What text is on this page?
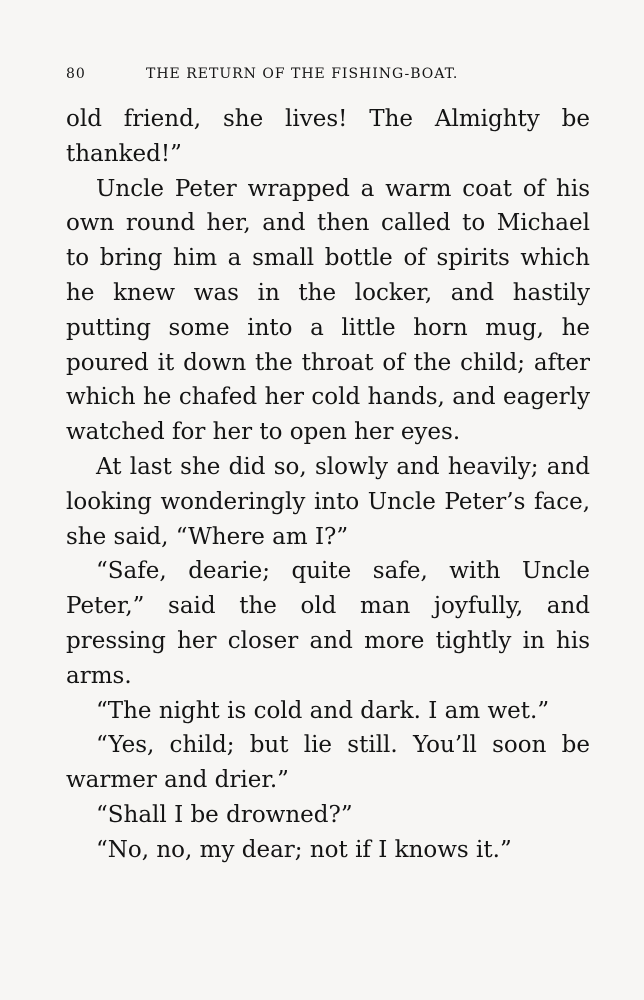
80	THE RETURN OF THE FISHING-BOAT.

old friend, she lives! The Almighty be thanked!”

Uncle Peter wrapped a warm coat of his own round her, and then called to Michael to bring him a small bottle of spirits which he knew was in the locker, and hastily putting some into a little horn mug, he poured it down the throat of the child; after which he chafed her cold hands, and eagerly watched for her to open her eyes.

At last she did so, slowly and heavily; and looking wonderingly into Uncle Peter’s face, she said, “Where am I?”

“Safe, dearie; quite safe, with Uncle Peter,” said the old man joyfully, and pressing her closer and more tightly in his arms.

“The night is cold and dark. I am wet.”

“Yes, child; but lie still. You’ll soon be warmer and drier.”

“Shall I be drowned?”

“No, no, my dear; not if I knows it.”
